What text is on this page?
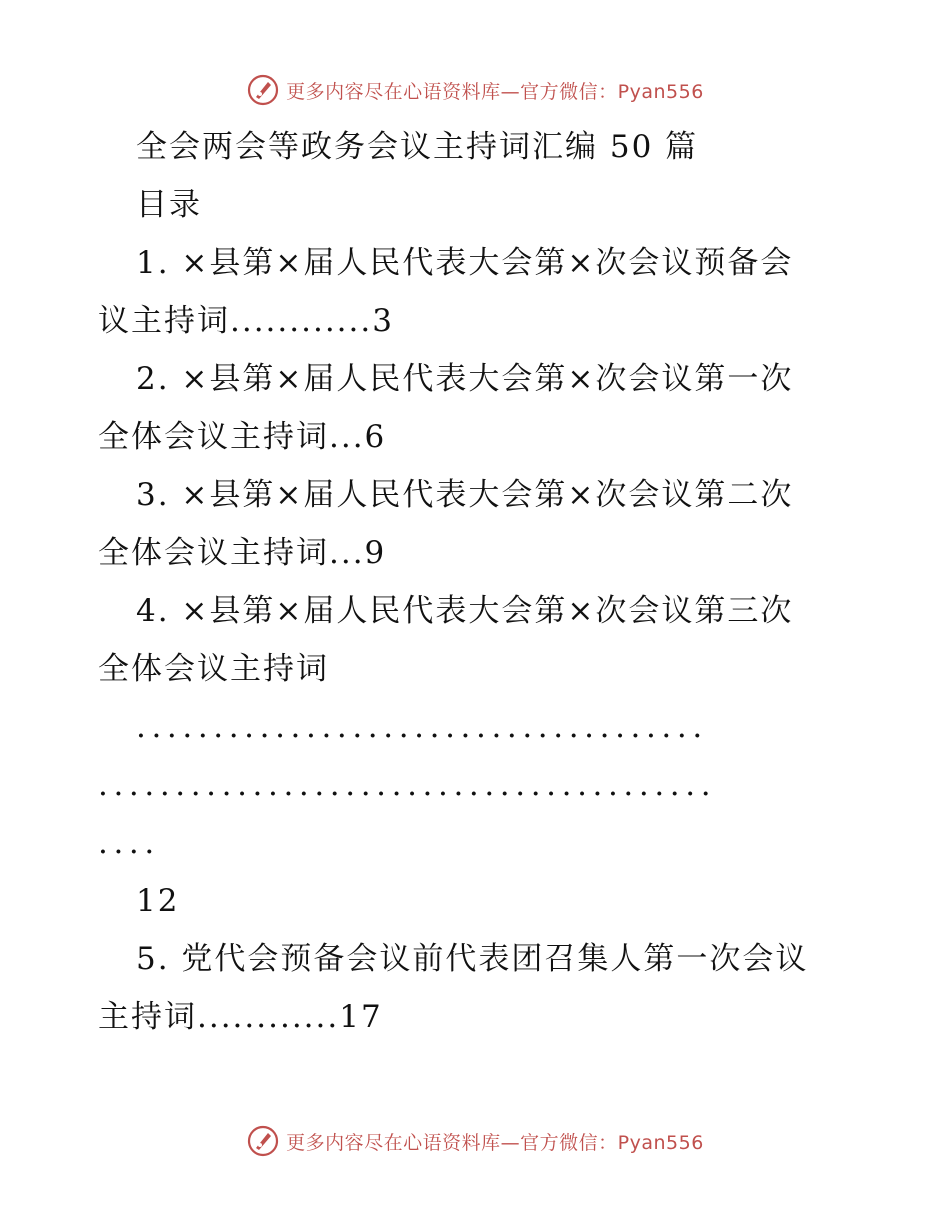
更多内容尽在心语资料库—官方微信：Pyan556
全会两会等政务会议主持词汇编 50 篇
目录
1. ×县第×届人民代表大会第×次会议预备会
议主持词............3
2. ×县第×届人民代表大会第×次会议第一次
全体会议主持词...6
3. ×县第×届人民代表大会第×次会议第二次
全体会议主持词...9
4. ×县第×届人民代表大会第×次会议第三次
全体会议主持词
.....................................
........................................
....
12
5. 党代会预备会议前代表团召集人第一次会议
主持词............17
更多内容尽在心语资料库—官方微信：Pyan556
